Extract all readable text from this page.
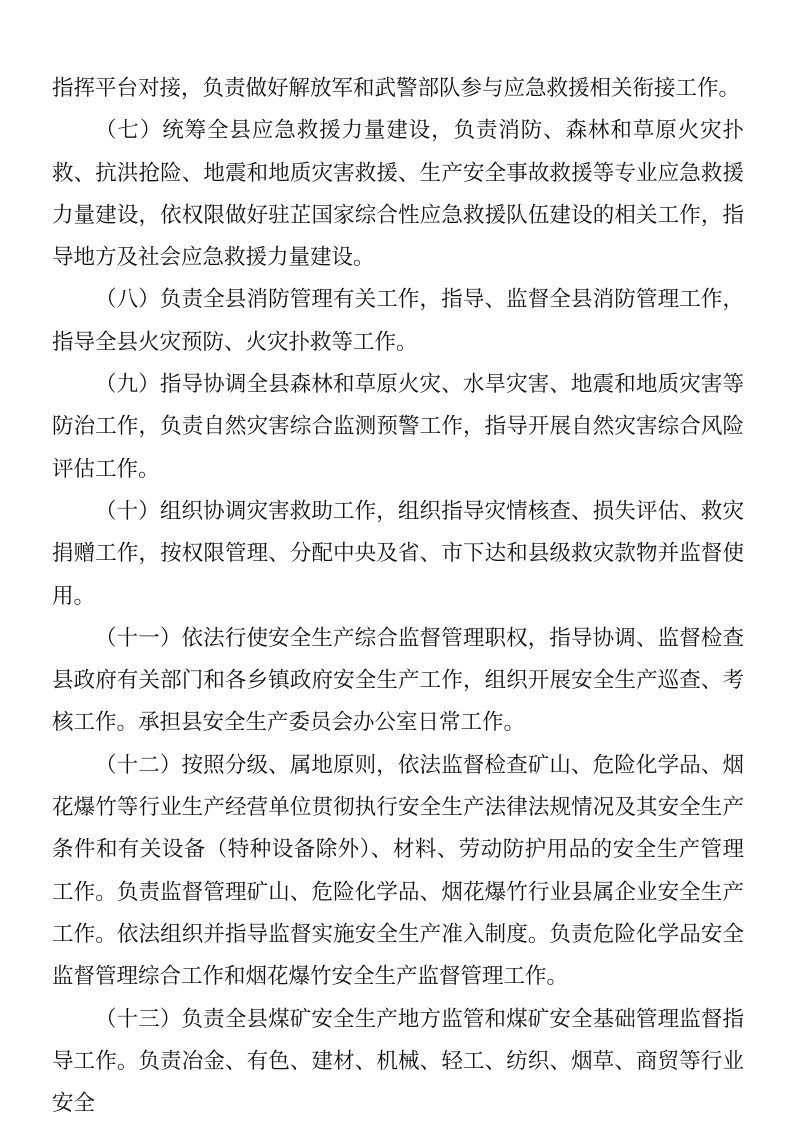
指挥平台对接，负责做好解放军和武警部队参与应急救援相关衔接工作。

（七）统筹全县应急救援力量建设，负责消防、森林和草原火灾扑救、抗洪抢险、地震和地质灾害救援、生产安全事故救援等专业应急救援力量建设，依权限做好驻芷国家综合性应急救援队伍建设的相关工作，指导地方及社会应急救援力量建设。

（八）负责全县消防管理有关工作，指导、监督全县消防管理工作，指导全县火灾预防、火灾扑救等工作。

（九）指导协调全县森林和草原火灾、水旱灾害、地震和地质灾害等防治工作，负责自然灾害综合监测预警工作，指导开展自然灾害综合风险评估工作。

（十）组织协调灾害救助工作，组织指导灾情核查、损失评估、救灾捐赠工作，按权限管理、分配中央及省、市下达和县级救灾款物并监督使用。

（十一）依法行使安全生产综合监督管理职权，指导协调、监督检查县政府有关部门和各乡镇政府安全生产工作，组织开展安全生产巡查、考核工作。承担县安全生产委员会办公室日常工作。

（十二）按照分级、属地原则，依法监督检查矿山、危险化学品、烟花爆竹等行业生产经营单位贯彻执行安全生产法律法规情况及其安全生产条件和有关设备（特种设备除外）、材料、劳动防护用品的安全生产管理工作。负责监督管理矿山、危险化学品、烟花爆竹行业县属企业安全生产工作。依法组织并指导监督实施安全生产准入制度。负责危险化学品安全监督管理综合工作和烟花爆竹安全生产监督管理工作。

（十三）负责全县煤矿安全生产地方监管和煤矿安全基础管理监督指导工作。负责冶金、有色、建材、机械、轻工、纺织、烟草、商贸等行业安全
